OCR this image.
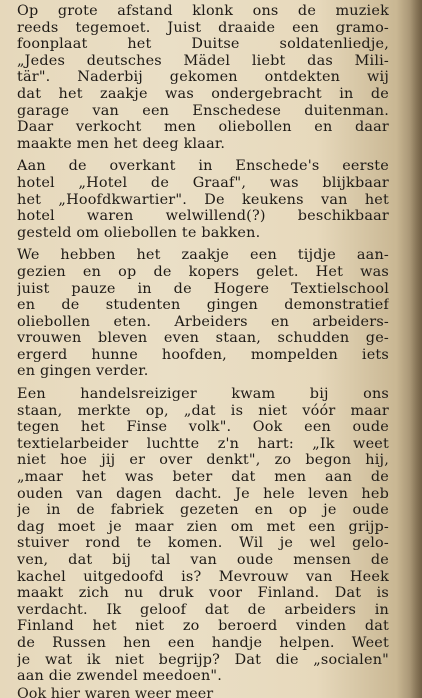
Op grote afstand klonk ons de muziek
reeds tegemoet. Juist draaide een gramo-
foonplaat het Duitse soldatenliedje,
„Jedes deutsches Mädel liebt das Mili-
tär". Naderbij gekomen ontdekten wij
dat het zaakje was ondergebracht in de
garage van een Enschedese duitenman.
Daar verkocht men oliebollen en daar
maakte men het deeg klaar.
Aan de overkant in Enschede's eerste
hotel „Hotel de Graaf", was blijkbaar
het „Hoofdkwartier". De keukens van het
hotel waren welwillend(?) beschikbaar
gesteld om oliebollen te bakken.
We hebben het zaakje een tijdje aan-
gezien en op de kopers gelet. Het was
juist pauze in de Hogere Textielschool
en de studenten gingen demonstratief
oliebollen eten. Arbeiders en arbeiders-
vrouwen bleven even staan, schudden ge-
ergerd hunne hoofden, mompelden iets
en gingen verder.
Een handelsreiziger kwam bij ons
staan, merkte op, „dat is niet vóór maar
tegen het Finse volk". Ook een oude
textielarbeider luchtte z'n hart: „Ik weet
niet hoe jij er over denkt", zo begon hij,
„maar het was beter dat men aan de
ouden van dagen dacht. Je hele leven heb
je in de fabriek gezeten en op je oude
dag moet je maar zien om met een grijp-
stuiver rond te komen. Wil je wel gelo-
ven, dat bij tal van oude mensen de
kachel uitgedoofd is? Mevrouw van Heek
maakt zich nu druk voor Finland. Dat is
verdacht. Ik geloof dat de arbeiders in
Finland het niet zo beroerd vinden dat
de Russen hen een handje helpen. Weet
je wat ik niet begrijp? Dat die „socialen"
aan die zwendel meedoen".
Ook hier waren weer meer
